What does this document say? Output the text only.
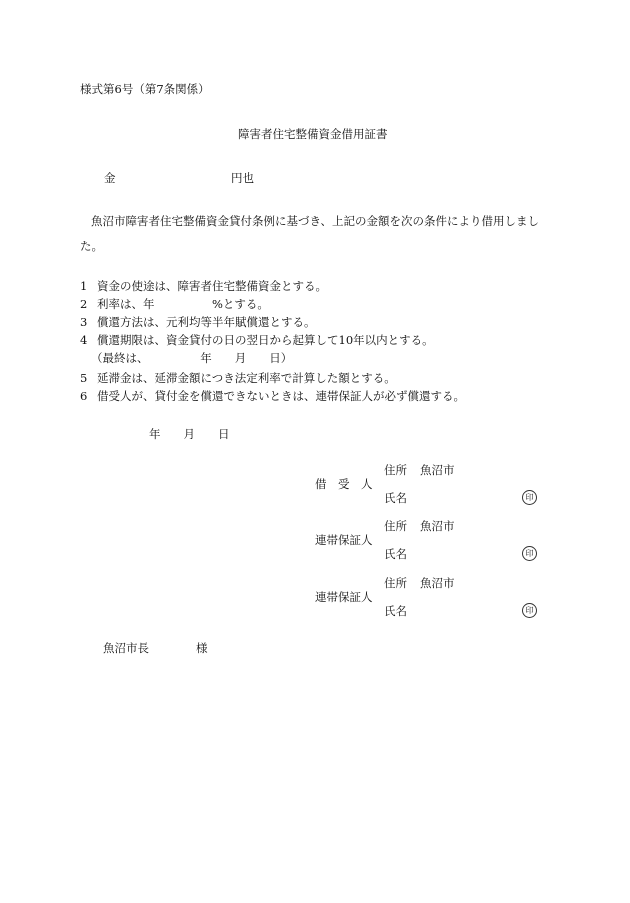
様式第6号（第7条関係）
障害者住宅整備資金借用証書
金	円也
魚沼市障害者住宅整備資金貸付条例に基づき、上記の金額を次の条件により借用しまし
た。
1 資金の使途は、障害者住宅整備資金とする。
2 利率は、年　　　　　%とする。
3 償還方法は、元利均等半年賦償還とする。
4 償還期限は、資金貸付の日の翌日から起算して10年以内とする。
（最終は、　　　　　年　　月　　日）
5 延滞金は、延滞金額につき法定利率で計算した額とする。
6 借受人が、貸付金を償還できないときは、連帯保証人が必ず償還する。
年　　月　　日
借　受　人
住所 魚沼市
氏名	印
連帯保証人
住所 魚沼市
氏名	印
連帯保証人
住所 魚沼市
氏名	印
魚沼市長	様
